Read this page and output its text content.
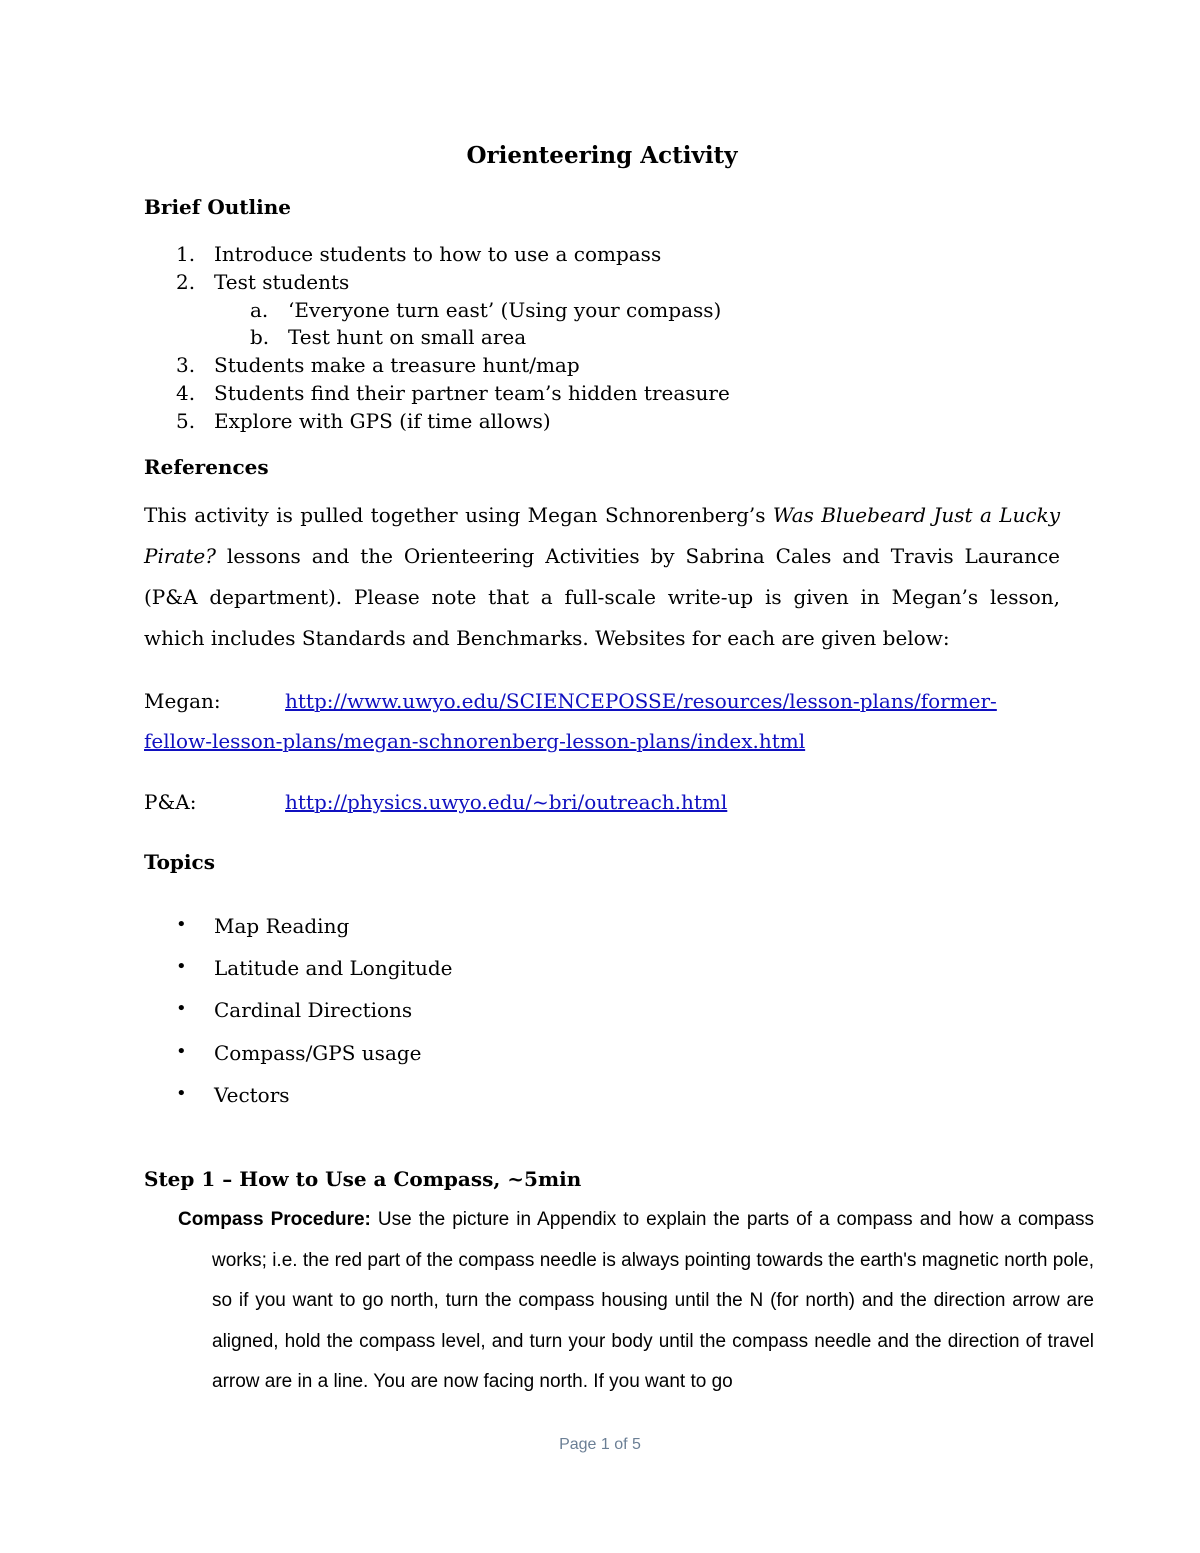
Orienteering Activity
Brief Outline
1. Introduce students to how to use a compass
2. Test students
a. ‘Everyone turn east’ (Using your compass)
b. Test hunt on small area
3. Students make a treasure hunt/map
4. Students find their partner team’s hidden treasure
5. Explore with GPS (if time allows)
References
This activity is pulled together using Megan Schnorenberg’s Was Bluebeard Just a Lucky Pirate? lessons and the Orienteering Activities by Sabrina Cales and Travis Laurance (P&A department). Please note that a full-scale write-up is given in Megan’s lesson, which includes Standards and Benchmarks. Websites for each are given below:
Megan:	http://www.uwyo.edu/SCIENCEPOSSE/resources/lesson-plans/former-
fellow-lesson-plans/megan-schnorenberg-lesson-plans/index.html
P&A:	http://physics.uwyo.edu/~bri/outreach.html
Topics
• Map Reading
• Latitude and Longitude
• Cardinal Directions
• Compass/GPS usage
• Vectors
Step 1 – How to Use a Compass, ~5min
Compass Procedure: Use the picture in Appendix to explain the parts of a compass and how a compass works; i.e. the red part of the compass needle is always pointing towards the earth's magnetic north pole, so if you want to go north, turn the compass housing until the N (for north) and the direction arrow are aligned, hold the compass level, and turn your body until the compass needle and the direction of travel arrow are in a line. You are now facing north. If you want to go
Page 1 of 5
